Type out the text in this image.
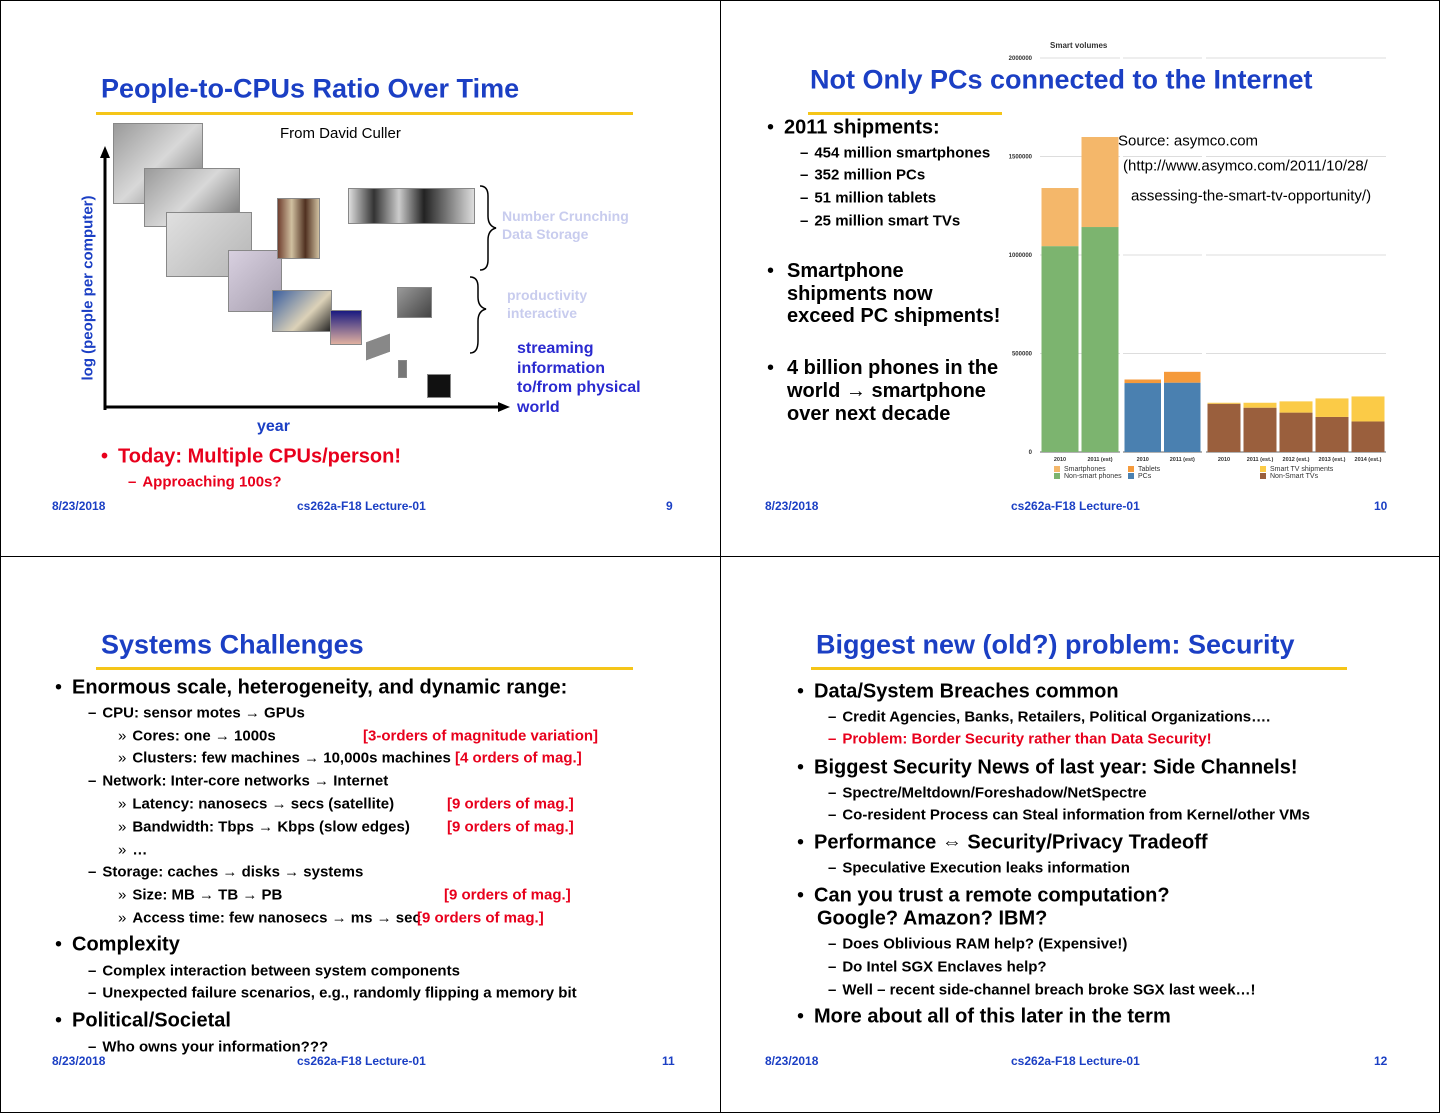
People-to-CPUs Ratio Over Time
From David Culler
log (people per computer)
year
Number Crunching
Data Storage
productivity
interactive
streaming
information
to/from physical
world
• Today: Multiple CPUs/person!
– Approaching 100s?
8/23/2018	cs262a-F18 Lecture-01	9
• 2011 shipments:
– 454 million smartphones
– 352 million PCs
– 51 million tablets
– 25 million smart TVs
• Smartphone
shipments now
exceed PC shipments!
• 4 billion phones in the
world → smartphone
over next decade
2000000
1500000
1000000
500000
0
2010	2011 (est)	2010	2011 (est)	2010	2011 (est.) 2012 (est.) 2013 (est.) 2014 (est.)
Smart volumes
Not Only PCs connected to the Internet
Source: asymco.com
(http://www.asymco.com/2011/10/28/
assessing-the-smart-tv-opportunity/)
Smartphones
Non-smart phones
Tablets
PCs
Smart TV shipments
Non-Smart TVs
8/23/2018	cs262a-F18 Lecture-01	10
Systems Challenges
• Enormous scale, heterogeneity, and dynamic range:
– CPU: sensor motes → GPUs
» Cores: one → 1000s	[3-orders of magnitude variation]
» Clusters: few machines → 10,000s machines [4 orders of mag.]
– Network: Inter-core networks → Internet
» Latency: nanosecs → secs (satellite)	[9 orders of mag.]
» Bandwidth: Tbps → Kbps (slow edges) [9 orders of mag.]
» …
– Storage: caches → disks → systems
» Size: MB → TB → PB	[9 orders of mag.]
» Access time: few nanosecs → ms → sec
[9 orders of mag.]
• Complexity
– Complex interaction between system components
– Unexpected failure scenarios, e.g., randomly flipping a memory bit
• Political/Societal
– Who owns your information???
8/23/2018	cs262a-F18 Lecture-01	11
Biggest new (old?) problem: Security
• Data/System Breaches common
– Credit Agencies, Banks, Retailers, Political Organizations….
– Problem: Border Security rather than Data Security!
• Biggest Security News of last year: Side Channels!
– Spectre/Meltdown/Foreshadow/NetSpectre
– Co-resident Process can Steal information from Kernel/other VMs
• Performance ⇔ Security/Privacy Tradeoff
– Speculative Execution leaks information
• Can you trust a remote computation?
Google? Amazon? IBM?
– Does Oblivious RAM help? (Expensive!)
– Do Intel SGX Enclaves help?
– Well – recent side-channel breach broke SGX last week…!
• More about all of this later in the term
8/23/2018	cs262a-F18 Lecture-01	12
